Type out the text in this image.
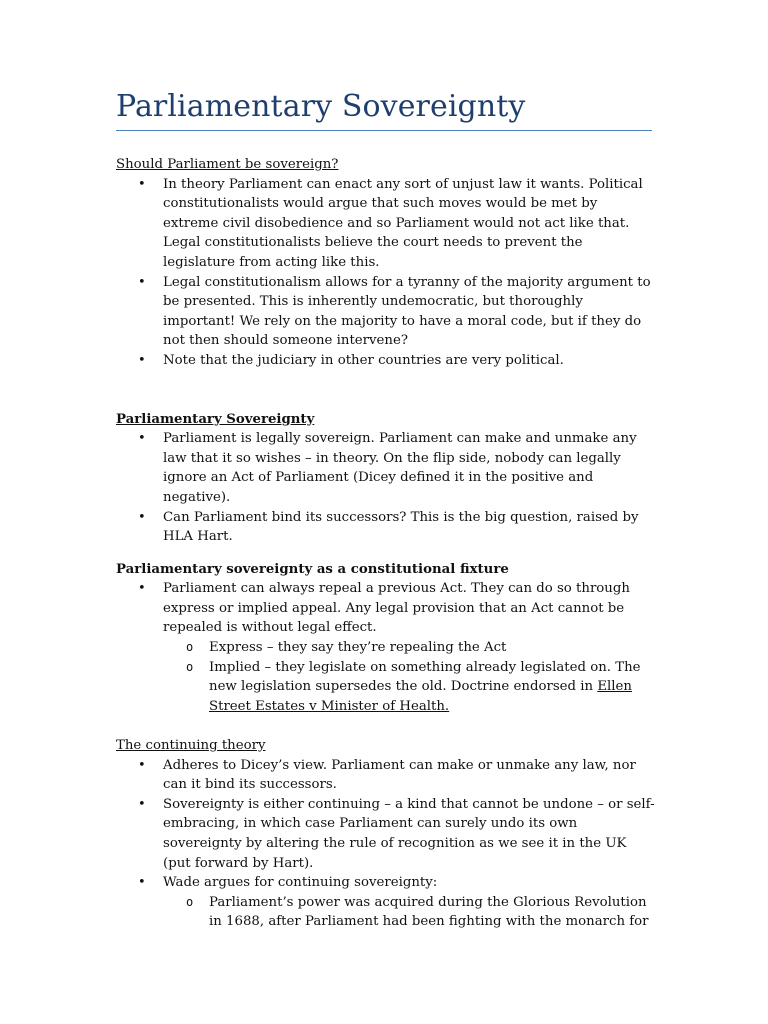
Parliamentary Sovereignty

Should Parliament be sovereign?

• In theory Parliament can enact any sort of unjust law it wants. Political constitutionalists would argue that such moves would be met by extreme civil disobedience and so Parliament would not act like that. Legal constitutionalists believe the court needs to prevent the legislature from acting like this.
• Legal constitutionalism allows for a tyranny of the majority argument to be presented. This is inherently undemocratic, but thoroughly important! We rely on the majority to have a moral code, but if they do not then should someone intervene?
• Note that the judiciary in other countries are very political.

Parliamentary Sovereignty

• Parliament is legally sovereign. Parliament can make and unmake any law that it so wishes – in theory. On the flip side, nobody can legally ignore an Act of Parliament (Dicey defined it in the positive and negative).
• Can Parliament bind its successors? This is the big question, raised by HLA Hart.

Parliamentary sovereignty as a constitutional fixture

• Parliament can always repeal a previous Act. They can do so through express or implied appeal. Any legal provision that an Act cannot be repealed is without legal effect.
o Express – they say they’re repealing the Act
o Implied – they legislate on something already legislated on. The new legislation supersedes the old. Doctrine endorsed in Ellen Street Estates v Minister of Health.

The continuing theory

• Adheres to Dicey’s view. Parliament can make or unmake any law, nor can it bind its successors.
• Sovereignty is either continuing – a kind that cannot be undone – or self-embracing, in which case Parliament can surely undo its own sovereignty by altering the rule of recognition as we see it in the UK (put forward by Hart).
• Wade argues for continuing sovereignty:
o Parliament’s power was acquired during the Glorious Revolution in 1688, after Parliament had been fighting with the monarch for
